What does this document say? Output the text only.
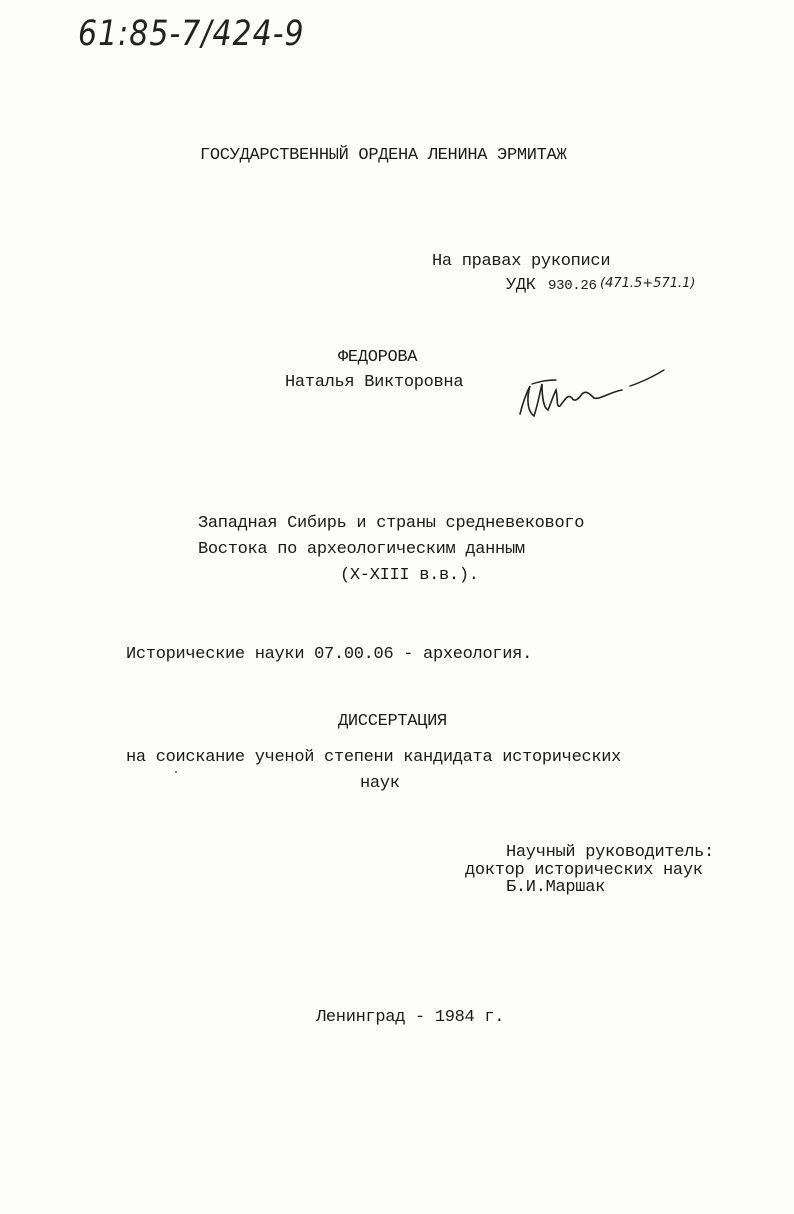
61:85-7/424-9
ГОСУДАРСТВЕННЫЙ ОРДЕНА ЛЕНИНА ЭРМИТАЖ
На правах рукописи
УДК 930.26 (471.5+571.1)
ФЕДОРОВА
Наталья Викторовна
Западная Сибирь и страны средневекового
Востока по археологическим данным
(X-XIII в.в.).
Исторические науки 07.00.06 - археология.
ДИССЕРТАЦИЯ
на соискание ученой степени кандидата исторических
наук
Научный руководитель:
доктор исторических наук
Б.И.Маршак
Ленинград - 1984 г.
